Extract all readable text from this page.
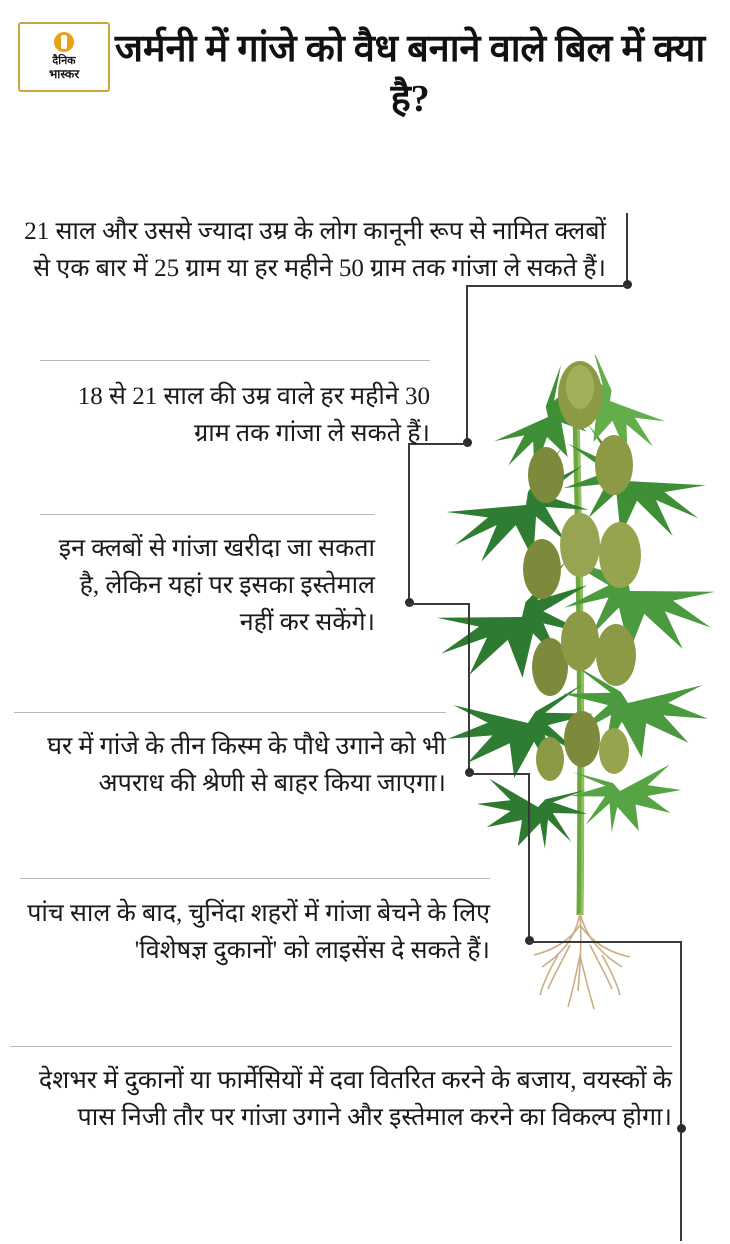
दैनिक
भास्कर
जर्मनी में गांजे को वैध बनाने वाले बिल में क्या है?
21 साल और उससे ज्यादा उम्र के लोग कानूनी रूप से नामित क्लबों से एक बार में 25 ग्राम या हर महीने 50 ग्राम तक गांजा ले सकते हैं।
18 से 21 साल की उम्र वाले हर महीने 30 ग्राम तक गांजा ले सकते हैं।
इन क्लबों से गांजा खरीदा जा सकता है, लेकिन यहां पर इसका इस्तेमाल नहीं कर सकेंगे।
घर में गांजे के तीन किस्म के पौधे उगाने को भी अपराध की श्रेणी से बाहर किया जाएगा।
पांच साल के बाद, चुनिंदा शहरों में गांजा बेचने के लिए 'विशेषज्ञ दुकानों' को लाइसेंस दे सकते हैं।
देशभर में दुकानों या फार्मेसियों में दवा वितरित करने के बजाय, वयस्कों के पास निजी तौर पर गांजा उगाने और इस्तेमाल करने का विकल्प होगा।
